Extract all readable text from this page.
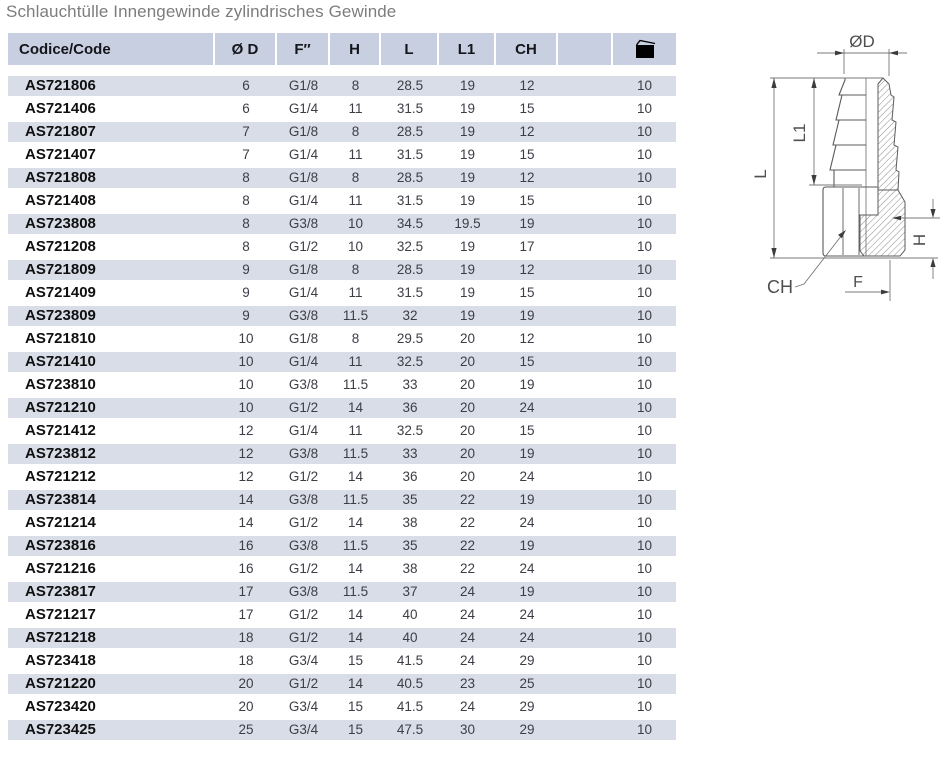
Schlauchtülle Innengewinde zylindrisches Gewinde
Codice/Code	Ø D	F″	H	L	L1	CH
AS721806	6	G1/8	8	28.5	19	12	10
AS721406	6	G1/4	11	31.5	19	15	10
AS721807	7	G1/8	8	28.5	19	12	10
AS721407	7	G1/4	11	31.5	19	15	10
AS721808	8	G1/8	8	28.5	19	12	10
AS721408	8	G1/4	11	31.5	19	15	10
AS723808	8	G3/8	10	34.5	19.5	19	10
AS721208	8	G1/2	10	32.5	19	17	10
AS721809	9	G1/8	8	28.5	19	12	10
AS721409	9	G1/4	11	31.5	19	15	10
AS723809	9	G3/8	11.5	32	19	19	10
AS721810	10	G1/8	8	29.5	20	12	10
AS721410	10	G1/4	11	32.5	20	15	10
AS723810	10	G3/8	11.5	33	20	19	10
AS721210	10	G1/2	14	36	20	24	10
AS721412	12	G1/4	11	32.5	20	15	10
AS723812	12	G3/8	11.5	33	20	19	10
AS721212	12	G1/2	14	36	20	24	10
AS723814	14	G3/8	11.5	35	22	19	10
AS721214	14	G1/2	14	38	22	24	10
AS723816	16	G3/8	11.5	35	22	19	10
AS721216	16	G1/2	14	38	22	24	10
AS723817	17	G3/8	11.5	37	24	19	10
AS721217	17	G1/2	14	40	24	24	10
AS721218	18	G1/2	14	40	24	24	10
AS723418	18	G3/4	15	41.5	24	29	10
AS721220	20	G1/2	14	40.5	23	25	10
AS723420	20	G3/4	15	41.5	24	29	10
AS723425	25	G3/4	15	47.5	30	29	10
ØD
L
L1
H
F
CH
